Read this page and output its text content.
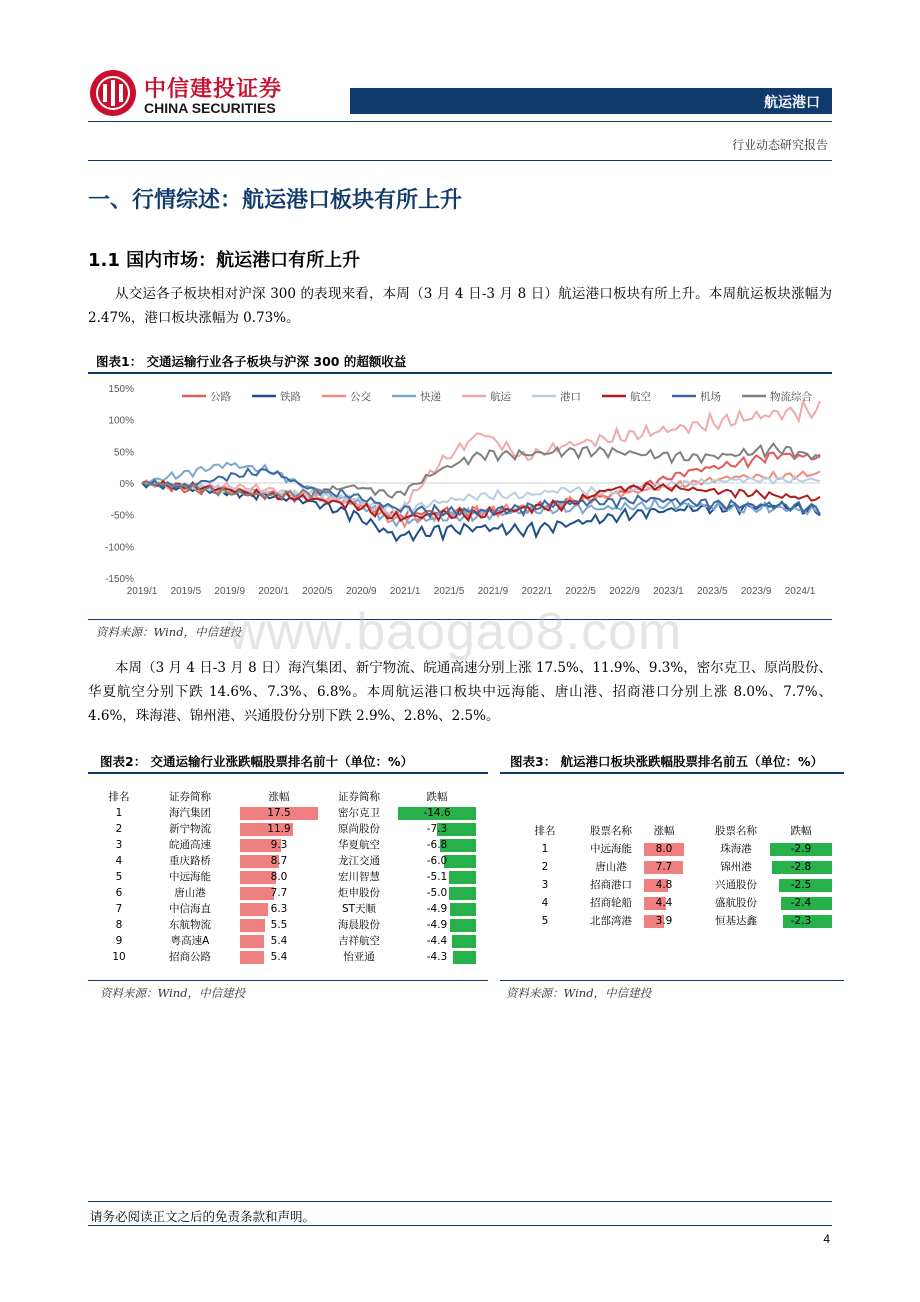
中信建投证券
CHINA SECURITIES	航运港口
行业动态研究报告
一、行情综述：航运港口板块有所上升
1.1 国内市场：航运港口有所上升
从交运各子板块相对沪深 300 的表现来看，本周（3 月 4 日-3 月 8 日）航运港口板块有所上升。本周航运板块涨幅为 2.47%，港口板块涨幅为 0.73%。
图表1： 交通运输行业各子板块与沪深 300 的超额收益
150%
100%
50%
0%
-50%
-100%
-150%
2019/1 2019/5 2019/9 2020/1 2020/5 2020/9 2021/1 2021/5 2021/9 2022/1 2022/5 2022/9 2023/1 2023/5 2023/9 2024/1
公路	铁路	公交	快递	航运	港口	航空	机场	物流综合
资料来源：Wind，中信建投
www.baogao8.com
本周（3 月 4 日-3 月 8 日）海汽集团、新宁物流、皖通高速分别上涨 17.5%、11.9%、9.3%，密尔克卫、原尚股份、华夏航空分别下跌 14.6%、7.3%、6.8%。本周航运港口板块中远海能、唐山港、招商港口分别上涨 8.0%、7.7%、4.6%，珠海港、锦州港、兴通股份分别下跌 2.9%、2.8%、2.5%。
图表2： 交通运输行业涨跌幅股票排名前十（单位：%）
排名	证券简称	涨幅	证券简称	跌幅
1	海汽集团	17.5	密尔克卫	-14.6
2	新宁物流	11.9	原尚股份	-7.3
3	皖通高速	9.3	华夏航空	-6.8
4	重庆路桥	8.7	龙江交通	-6.0
5	中远海能	8.0	宏川智慧	-5.1
6	唐山港	7.7	炬申股份	-5.0
7	中信海直	6.3	ST天顺	-4.9
8	东航物流	5.5	海晨股份	-4.9
9	粤高速A	5.4	吉祥航空	-4.4
10	招商公路	5.4	怡亚通	-4.3
资料来源：Wind，中信建投
图表3： 航运港口板块涨跌幅股票排名前五（单位：%）
排名	股票名称	涨幅	股票名称	跌幅
1	中远海能	8.0	珠海港	-2.9
2	唐山港	7.7	锦州港	-2.8
3	招商港口	4.8	兴通股份	-2.5
4	招商轮船	4.4	盛航股份	-2.4
5	北部湾港	3.9	恒基达鑫	-2.3
资料来源：Wind，中信建投
请务必阅读正文之后的免责条款和声明。
4
